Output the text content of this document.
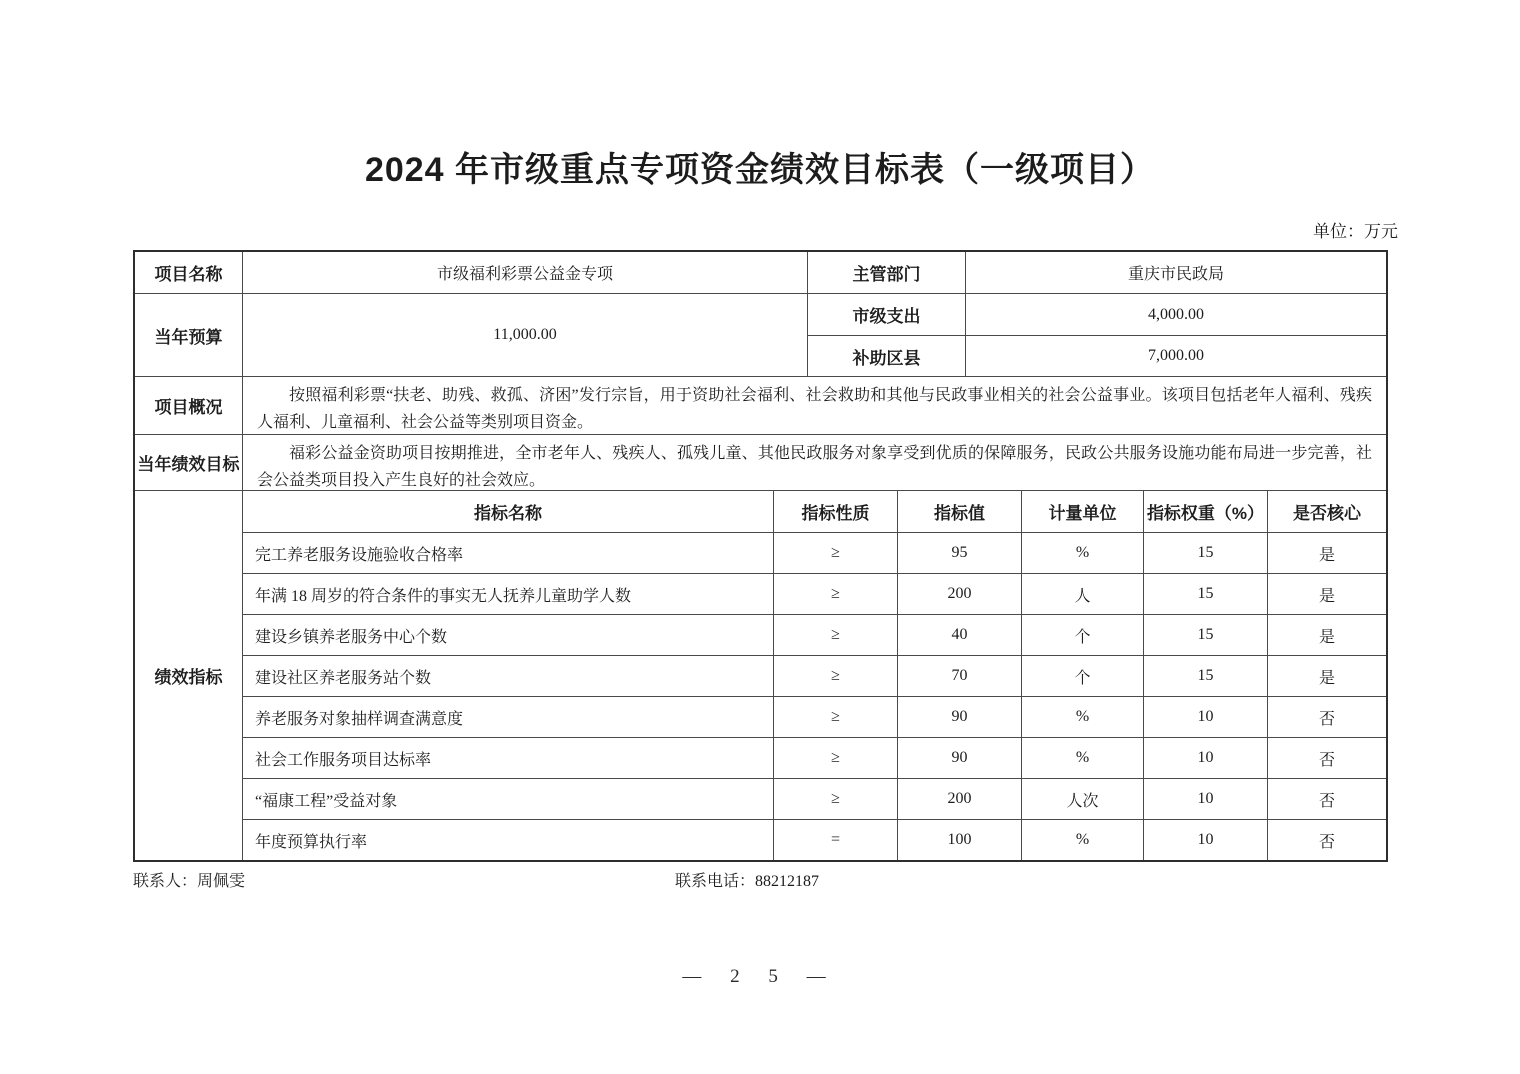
2024 年市级重点专项资金绩效目标表（一级项目）
单位：万元
项目名称	市级福利彩票公益金专项	主管部门	重庆市民政局
当年预算	11,000.00
市级支出	4,000.00
补助区县	7,000.00
项目概况
按照福利彩票“扶老、助残、救孤、济困”发行宗旨，用于资助社会福利、社会救助和其他与民政事业相关的社会公益事业。该项目包括老年人福利、残疾人福利、儿童福利、社会公益等类别项目资金。
当年绩效目标
福彩公益金资助项目按期推进，全市老年人、残疾人、孤残儿童、其他民政服务对象享受到优质的保障服务，民政公共服务设施功能布局进一步完善，社会公益类项目投入产生良好的社会效应。
绩效指标
指标名称	指标性质	指标值	计量单位	指标权重（%）	是否核心
完工养老服务设施验收合格率	≥	95	%	15	是
年满 18 周岁的符合条件的事实无人抚养儿童助学人数	≥	200	人	15	是
建设乡镇养老服务中心个数	≥	40	个	15	是
建设社区养老服务站个数	≥	70	个	15	是
养老服务对象抽样调查满意度	≥	90	%	10	否
社会工作服务项目达标率	≥	90	%	10	否
“福康工程”受益对象	≥	200	人次	10	否
年度预算执行率	=	100	%	10	否
联系人：周佩雯	联系电话：88212187
— 2 5 —
